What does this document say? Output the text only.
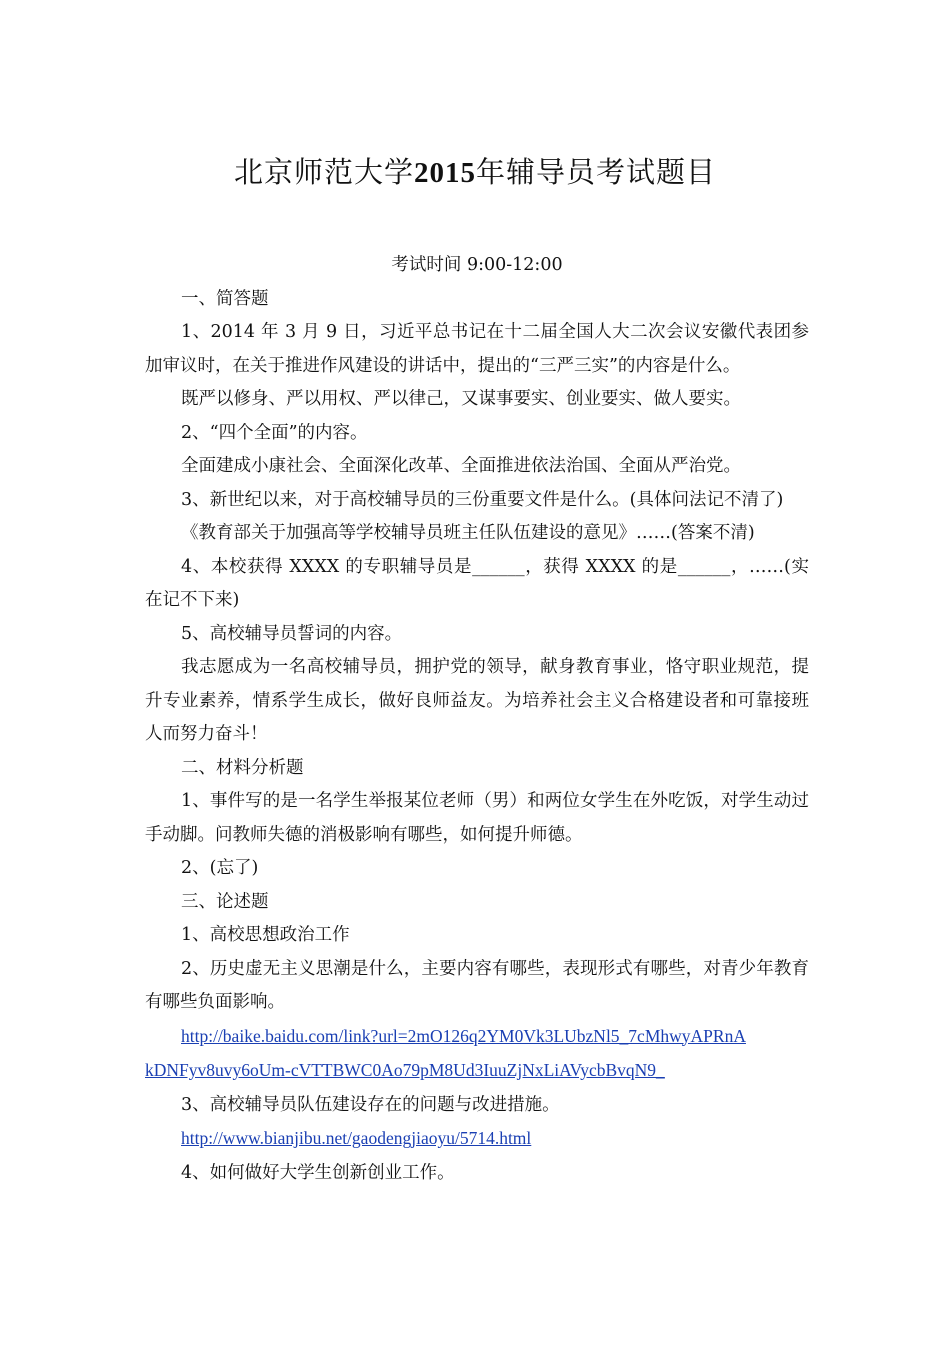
北京师范大学2015年辅导员考试题目

考试时间 9:00-12:00

一、简答题

1、2014 年 3 月 9 日，习近平总书记在十二届全国人大二次会议安徽代表团参加审议时，在关于推进作风建设的讲话中，提出的“三严三实”的内容是什么。

既严以修身、严以用权、严以律己，又谋事要实、创业要实、做人要实。

2、“四个全面”的内容。

全面建成小康社会、全面深化改革、全面推进依法治国、全面从严治党。

3、新世纪以来，对于高校辅导员的三份重要文件是什么。(具体问法记不清了)

《教育部关于加强高等学校辅导员班主任队伍建设的意见》……(答案不清)

4、本校获得 XXXX 的专职辅导员是______，获得 XXXX 的是______，……(实在记不下来)

5、高校辅导员誓词的内容。

我志愿成为一名高校辅导员，拥护党的领导，献身教育事业，恪守职业规范，提升专业素养，情系学生成长，做好良师益友。为培养社会主义合格建设者和可靠接班人而努力奋斗！

二、材料分析题

1、事件写的是一名学生举报某位老师（男）和两位女学生在外吃饭，对学生动过手动脚。问教师失德的消极影响有哪些，如何提升师德。

2、(忘了)

三、论述题

1、高校思想政治工作

2、历史虚无主义思潮是什么，主要内容有哪些，表现形式有哪些，对青少年教育有哪些负面影响。

http://baike.baidu.com/link?url=2mO126q2YM0Vk3LUbzNl5_7cMhwyAPRnA

kDNFyv8uvy6oUm-cVTTBWC0Ao79pM8Ud3IuuZjNxLiAVycbBvqN9_

3、高校辅导员队伍建设存在的问题与改进措施。

http://www.bianjibu.net/gaodengjiaoyu/5714.html

4、如何做好大学生创新创业工作。
